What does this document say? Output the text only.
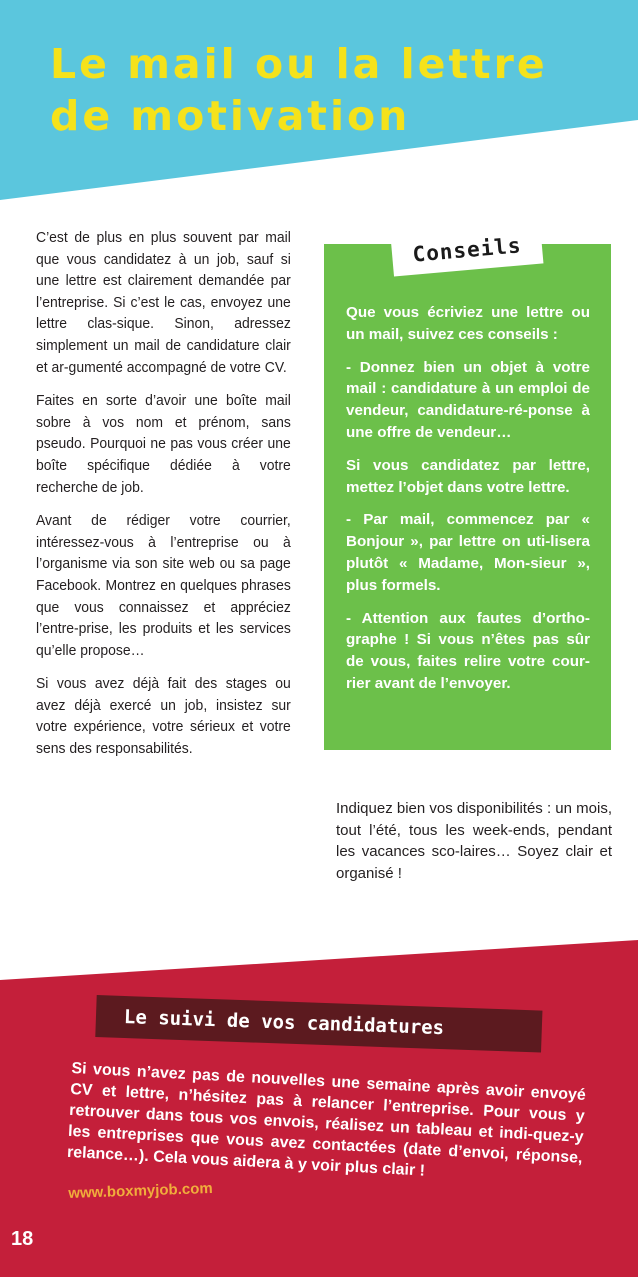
Le mail ou la lettre
de motivation

C’est de plus en plus souvent par mail que vous candidatez à un job, sauf si une lettre est clairement demandée par l’entreprise. Si c’est le cas, envoyez une lettre clas-sique. Sinon, adressez simplement un mail de candidature clair et ar-gumenté accompagné de votre CV.

Faites en sorte d’avoir une boîte mail sobre à vos nom et prénom, sans pseudo. Pourquoi ne pas vous créer une boîte spécifique dédiée à votre recherche de job.

Avant de rédiger votre courrier, intéressez-vous à l’entreprise ou à l’organisme via son site web ou sa page Facebook. Montrez en quelques phrases que vous connaissez et appréciez l’entre-prise, les produits et les services qu’elle propose…

Si vous avez déjà fait des stages ou avez déjà exercé un job, insistez sur votre expérience, votre sérieux et votre sens des responsabilités.

Conseils

Que vous écriviez une lettre ou un mail, suivez ces conseils :

- Donnez bien un objet à votre mail : candidature à un emploi de vendeur, candidature-ré-ponse à une offre de vendeur…

Si vous candidatez par lettre, mettez l’objet dans votre lettre.

- Par mail, commencez par « Bonjour », par lettre on uti-lisera plutôt « Madame, Mon-sieur », plus formels.

- Attention aux fautes d’ortho-graphe ! Si vous n’êtes pas sûr de vous, faites relire votre cour-rier avant de l’envoyer.

Indiquez bien vos disponibilités : un mois, tout l’été, tous les week-ends, pendant les vacances sco-laires… Soyez clair et organisé !

Le suivi de vos candidatures

Si vous n’avez pas de nouvelles une semaine après avoir envoyé CV et lettre, n’hésitez pas à relancer l’entreprise. Pour vous y retrouver dans tous vos envois, réalisez un tableau et indi-quez-y les entreprises que vous avez contactées (date d’envoi, réponse, relance…). Cela vous aidera à y voir plus clair !

www.boxmyjob.com
18
